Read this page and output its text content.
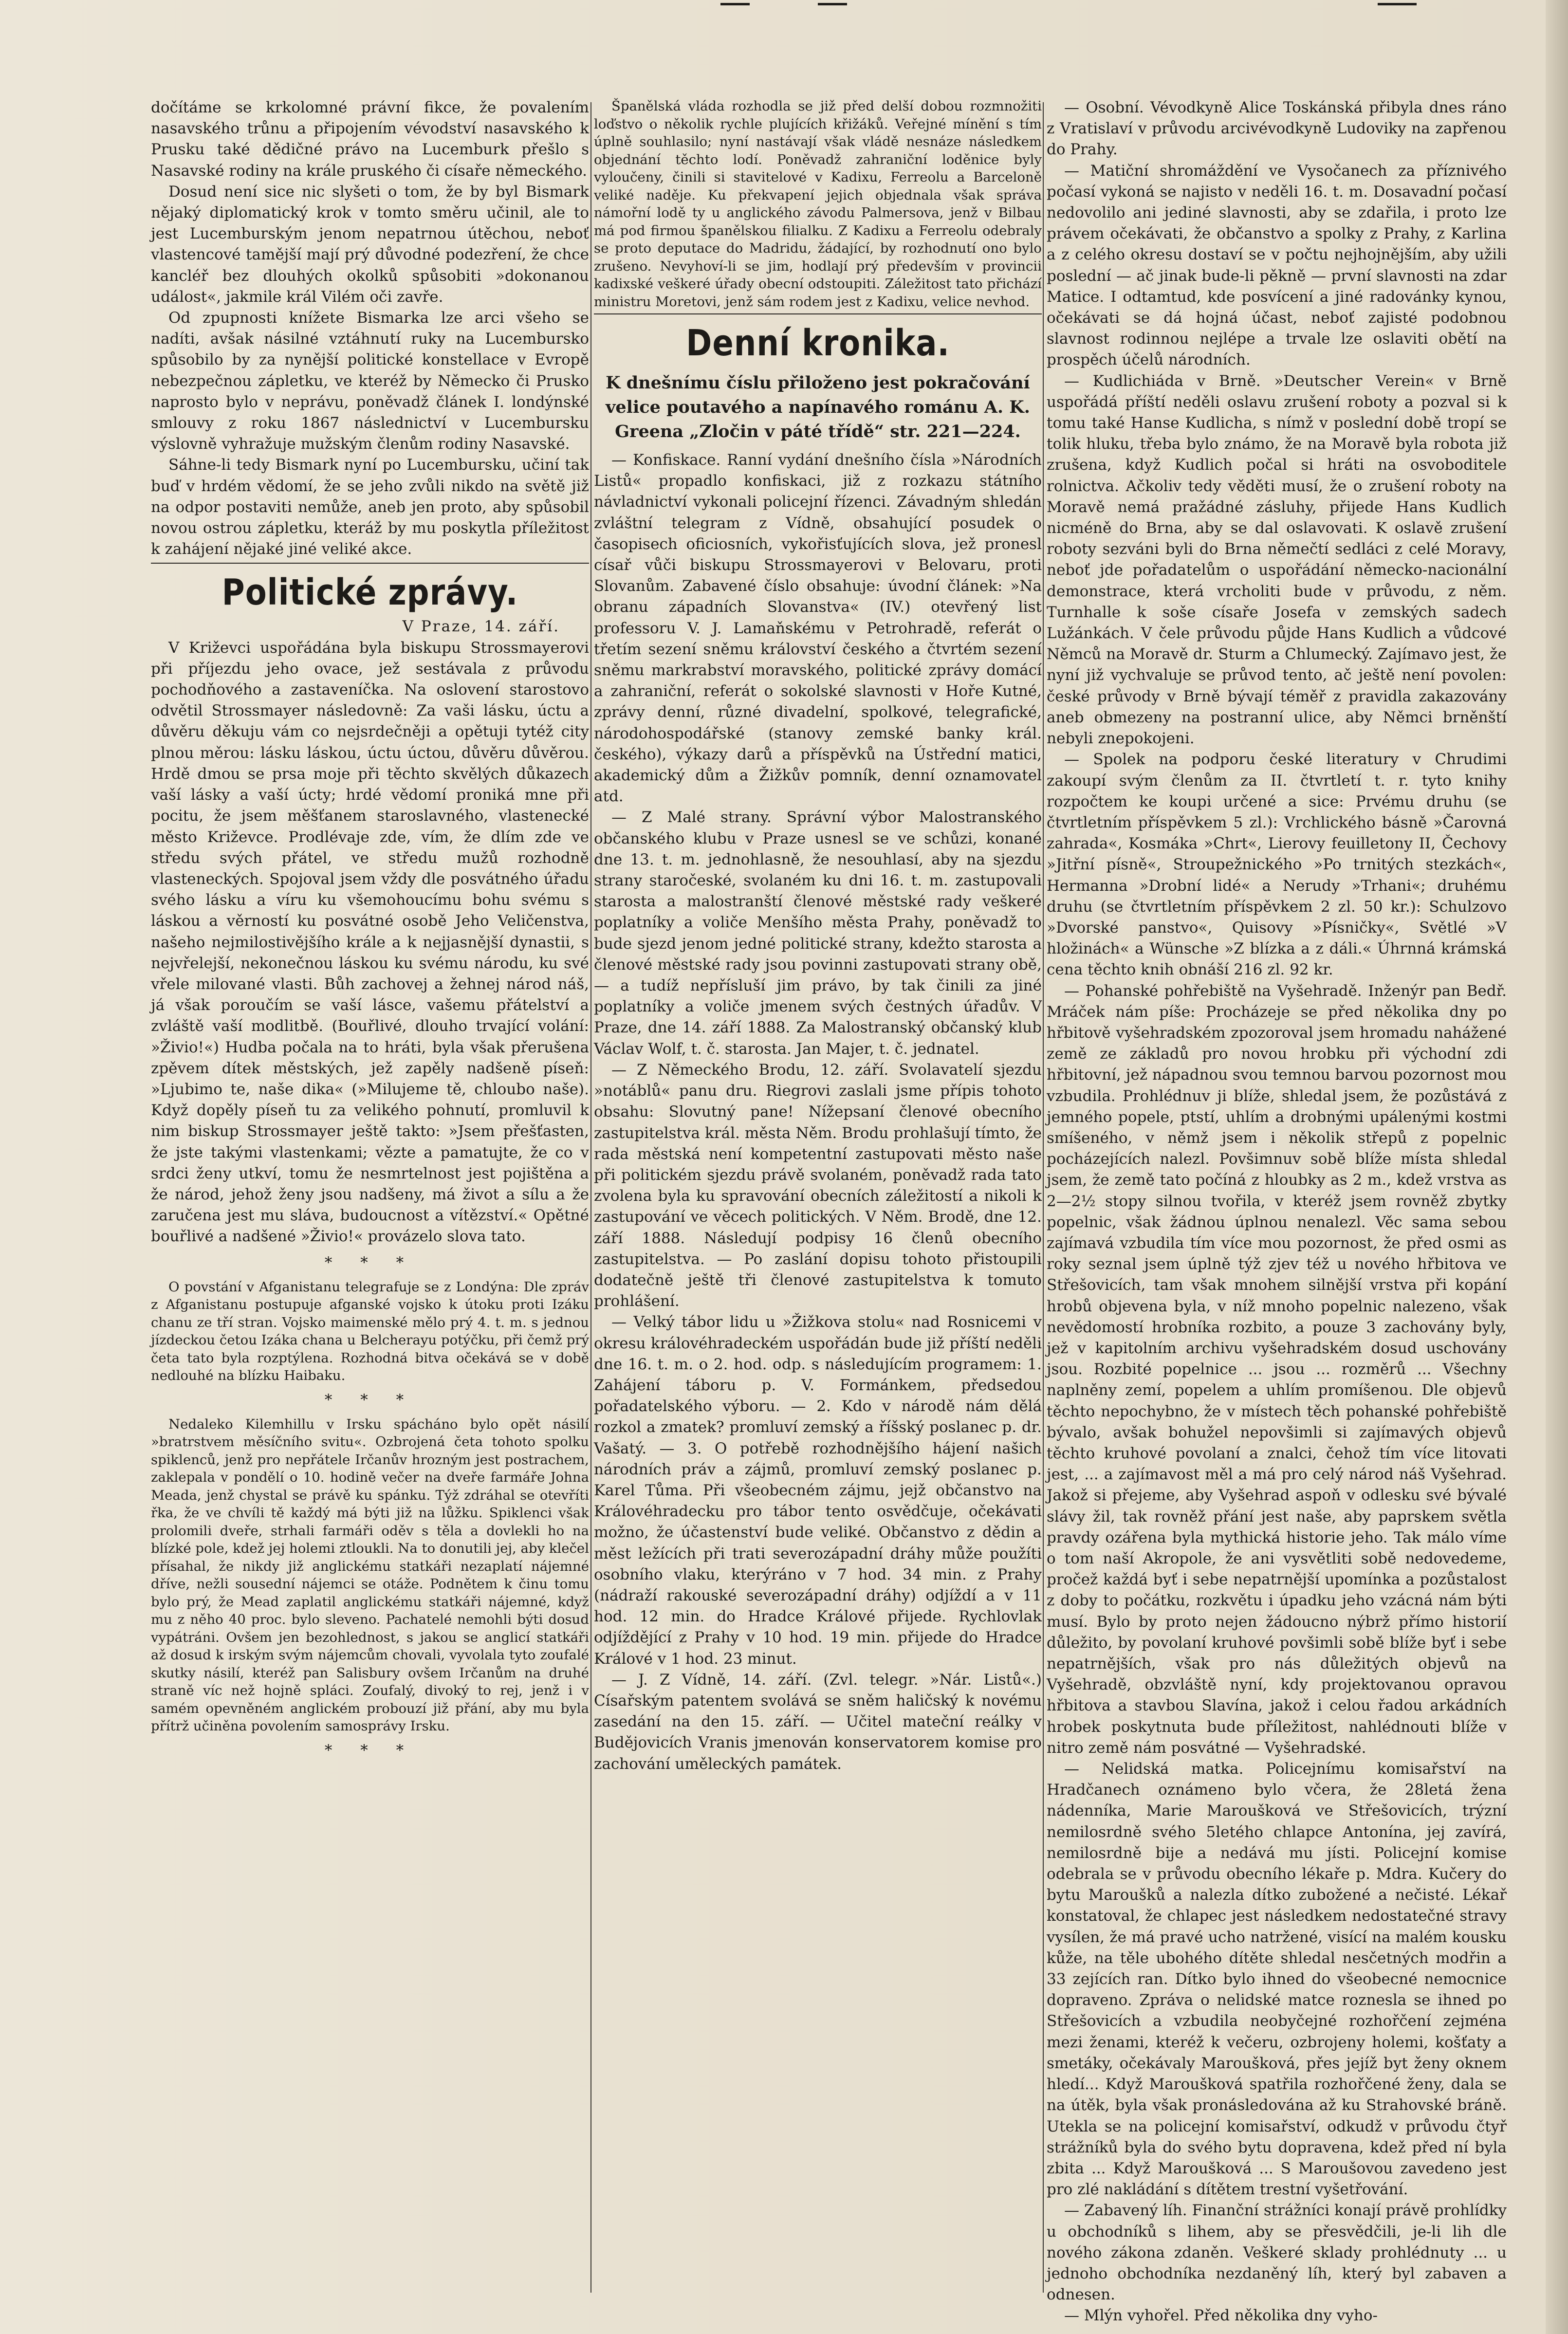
dočítáme se krkolomné právní fikce, že povalením nasavského trůnu a připojením vévodství nasavského k Prusku také dědičné právo na Lucemburk přešlo s Nasavské rodiny na krále pruského či císaře německého.

Dosud není sice nic slyšeti o tom, že by byl Bismark nějaký diplomatický krok v tomto směru učinil, ale to jest Lucemburským jenom nepatrnou útěchou, neboť vlastencové tamější mají prý důvodné podezření, že chce kancléř bez dlouhých okolků spůsobiti »dokonanou událost«, jakmile král Vilém oči zavře.

Od zpupnosti knížete Bismarka lze arci všeho se nadíti, avšak násilné vztáhnutí ruky na Lucembursko spůsobilo by za nynější politické konstellace v Evropě nebezpečnou zápletku, ve kteréž by Německo či Prusko naprosto bylo v neprávu, poněvadž článek I. londýnské smlouvy z roku 1867 následnictví v Lucembursku výslovně vyhražuje mužským členům rodiny Nasavské.

Sáhne-li tedy Bismark nyní po Lucembursku, učiní tak buď v hrdém vědomí, že se jeho zvůli nikdo na světě již na odpor postaviti nemůže, aneb jen proto, aby spůsobil novou ostrou zápletku, kteráž by mu poskytla příležitost k zahájení nějaké jiné veliké akce.

Politické zprávy.
V Praze, 14. září.

V Križevci uspořádána byla biskupu Strossmayerovi při příjezdu jeho ovace, jež sestávala z průvodu pochodňového a zastaveníčka. Na oslovení starostovo odvětil Strossmayer následovně: Za vaši lásku, úctu a důvěru děkuju vám co nejsrdečněji a opětuji tytéž city plnou měrou: lásku láskou, úctu úctou, důvěru důvěrou. Hrdě dmou se prsa moje při těchto skvělých důkazech vaší lásky a vaší úcty; hrdé vědomí proniká mne při pocitu, že jsem měšťanem staroslavného, vlastenecké město Križevce. Prodlévaje zde, vím, že dlím zde ve středu svých přátel, ve středu mužů rozhodně vlasteneckých. Spojoval jsem vždy dle posvátného úřadu svého lásku a víru ku všemohoucímu bohu svému s láskou a věrností ku posvátné osobě Jeho Veličenstva, našeho nejmilostivějšího krále a k nejjasnější dynastii, s nejvřelejší, nekonečnou láskou ku svému národu, ku své vřele milované vlasti. Bůh zachovej a žehnej národ náš, já však poroučím se vaší lásce, vašemu přátelství a zvláště vaší modlitbě. (Bouřlivé, dlouho trvající volání: »Živio!«) Hudba počala na to hráti, byla však přerušena zpěvem dítek městských, jež zapěly nadšeně píseň: »Ljubimo te, naše dika« (»Milujeme tě, chloubo naše). Když dopěly píseň tu za velikého pohnutí, promluvil k nim biskup Strossmayer ještě takto: »Jsem přešťasten, že jste takými vlastenkami; vězte a pamatujte, že co v srdci ženy utkví, tomu že nesmrtelnost jest pojištěna a že národ, jehož ženy jsou nadšeny, má život a sílu a že zaručena jest mu sláva, budoucnost a vítězství.« Opětné bouřlivé a nadšené »Živio!« provázelo slova tato.

* * *

O povstání v Afganistanu telegrafuje se z Londýna: Dle zpráv z Afganistanu postupuje afganské vojsko k útoku proti Izáku chanu ze tří stran. Vojsko maimenské mělo prý 4. t. m. s jednou jízdeckou četou Izáka chana u Belcherayu potýčku, při čemž prý četa tato byla rozptýlena. Rozhodná bitva očekává se v době nedlouhé na blízku Haibaku.

* * *

Nedaleko Kilemhillu v Irsku spácháno bylo opět násilí »bratrstvem měsíčního svitu«. Ozbrojená četa tohoto spolku spiklenců, jenž pro nepřátele Irčanův hrozným jest postrachem, zaklepala v pondělí o 10. hodině večer na dveře farmáře Johna Meada, jenž chystal se právě ku spánku. Týž zdráhal se otevříti řka, že ve chvíli tě každý má býti již na lůžku. Spiklenci však prolomili dveře, strhali farmáři oděv s těla a dovlekli ho na blízké pole, kdež jej holemi ztloukli. Na to donutili jej, aby klečel přísahal, že nikdy již anglickému statkáři nezaplatí nájemné dříve, nežli sousední nájemci se otáže. Podnětem k činu tomu bylo prý, že Mead zaplatil anglickému statkáři nájemné, když mu z něho 40 proc. bylo sleveno. Pachatelé nemohli býti dosud vypátráni. Ovšem jen bezohlednost, s jakou se anglicí statkáři až dosud k irským svým nájemcům chovali, vyvolala tyto zoufalé skutky násilí, kteréž pan Salisbury ovšem Irčanům na druhé straně víc než hojně spláci. Zoufalý, divoký to rej, jenž i v samém opevněném anglickém probouzí již přání, aby mu byla přítrž učiněna povolením samosprávy Irsku.

* * *

Španělská vláda rozhodla se již před delší dobou rozmnožiti loďstvo o několik rychle plujících křižáků. Veřejné mínění s tím úplně souhlasilo; nyní nastávají však vládě nesnáze následkem objednání těchto lodí. Poněvadž zahraniční loděnice byly vyloučeny, činili si stavitelové v Kadixu, Ferreolu a Barceloně veliké naděje. Ku překvapení jejich objednala však správa námořní lodě ty u anglického závodu Palmersova, jenž v Bilbau má pod firmou španělskou filialku. Z Kadixu a Ferreolu odebraly se proto deputace do Madridu, žádající, by rozhodnutí ono bylo zrušeno. Nevyhoví-li se jim, hodlají prý především v provincii kadixské veškeré úřady obecní odstoupiti. Záležitost tato přichází ministru Moretovi, jenž sám rodem jest z Kadixu, velice nevhod.

Denní kronika.
K dnešnímu číslu přiloženo jest pokračování velice poutavého a napínavého románu A. K. Greena „Zločin v páté třídě“ str. 221—224.

— Konfiskace. Ranní vydání dnešního čísla »Národních Listů« propadlo konfiskaci, již z rozkazu státního návladnictví vykonali policejní řízenci. Závadným shledán zvláštní telegram z Vídně, obsahující posudek o časopisech oficiosních, vykořisťujících slova, jež pronesl císař vůči biskupu Strossmayerovi v Belovaru, proti Slovanům. Zabavené číslo obsahuje: úvodní článek: »Na obranu západních Slovanstva« (IV.) otevřený list professoru V. J. Lamaňskému v Petrohradě, referát o třetím sezení sněmu království českého a čtvrtém sezení sněmu markrabství moravského, politické zprávy domácí a zahraniční, referát o sokolské slavnosti v Hoře Kutné, zprávy denní, různé divadelní, spolkové, telegrafické, národohospodářské (stanovy zemské banky král. českého), výkazy darů a příspěvků na Ústřední matici, akademický dům a Žižkův pomník, denní oznamovatel atd.

— Z Malé strany. Správní výbor Malostranského občanského klubu v Praze usnesl se ve schůzi, konané dne 13. t. m. jednohlasně, že nesouhlasí, aby na sjezdu strany staročeské, svolaném ku dni 16. t. m. zastupovali starosta a malostranští členové městské rady veškeré poplatníky a voliče Menšího města Prahy, poněvadž to bude sjezd jenom jedné politické strany, kdežto starosta a členové městské rady jsou povinni zastupovati strany obě, — a tudíž nepřísluší jim právo, by tak činili za jiné poplatníky a voliče jmenem svých čestných úřadův. V Praze, dne 14. září 1888. Za Malostranský občanský klub Václav Wolf, t. č. starosta. Jan Majer, t. č. jednatel.

— Z Německého Brodu, 12. září. Svolavatelí sjezdu »notáblů« panu dru. Riegrovi zaslali jsme přípis tohoto obsahu: Slovutný pane! Nížepsaní členové obecního zastupitelstva král. města Něm. Brodu prohlašují tímto, že rada městská není kompetentní zastupovati město naše při politickém sjezdu právě svolaném, poněvadž rada tato zvolena byla ku spravování obecních záležitostí a nikoli k zastupování ve věcech politických. V Něm. Brodě, dne 12. září 1888. Následují podpisy 16 členů obecního zastupitelstva. — Po zaslání dopisu tohoto přistoupili dodatečně ještě tři členové zastupitelstva k tomuto prohlášení.

— Velký tábor lidu u »Žižkova stolu« nad Rosnicemi v okresu královéhradeckém uspořádán bude již příští neděli dne 16. t. m. o 2. hod. odp. s následujícím programem: 1. Zahájení táboru p. V. Formánkem, předsedou pořadatelského výboru. — 2. Kdo v národě nám dělá rozkol a zmatek? promluví zemský a říšský poslanec p. dr. Vašatý. — 3. O potřebě rozhodnějšího hájení našich národních práv a zájmů, promluví zemský poslanec p. Karel Tůma. Při všeobecném zájmu, jejž občanstvo na Královéhradecku pro tábor tento osvědčuje, očekávati možno, že účastenství bude veliké. Občanstvo z dědin a měst ležících při trati severozápadní dráhy může použíti osobního vlaku, kterýráno v 7 hod. 34 min. z Prahy (nádraží rakouské severozápadní dráhy) odjíždí a v 11 hod. 12 min. do Hradce Králové přijede. Rychlovlak odjíždějící z Prahy v 10 hod. 19 min. přijede do Hradce Králové v 1 hod. 23 minut.

— J. Z Vídně, 14. září. (Zvl. telegr. »Nár. Listů«.) Císařským patentem svolává se sněm haličský k novému zasedání na den 15. září. — Učitel mateční reálky v Budějovicích Vranis jmenován konservatorem komise pro zachování uměleckých památek.

— Osobní. Vévodkyně Alice Toskánská přibyla dnes ráno z Vratislaví v průvodu arcivévodkyně Ludoviky na zapřenou do Prahy.

— Matiční shromáždění ve Vysočanech za příznivého počasí vykoná se najisto v neděli 16. t. m. Dosavadní počasí nedovolilo ani jediné slavnosti, aby se zdařila, i proto lze právem očekávati, že občanstvo a spolky z Prahy, z Karlina a z celého okresu dostaví se v počtu nejhojnějším, aby užili poslední — ač jinak bude-li pěkně — první slavnosti na zdar Matice. I odtamtud, kde posvícení a jiné radovánky kynou, očekávati se dá hojná účast, neboť zajisté podobnou slavnost rodinnou nejlépe a trvale lze oslaviti obětí na prospěch účelů národních.

— Kudlichiáda v Brně. »Deutscher Verein« v Brně uspořádá příští neděli oslavu zrušení roboty a pozval si k tomu také Hanse Kudlicha, s nímž v poslední době tropí se tolik hluku, třeba bylo známo, že na Moravě byla robota již zrušena, když Kudlich počal si hráti na osvoboditele rolnictva. Ačkoliv tedy věděti musí, že o zrušení roboty na Moravě nemá pražádné zásluhy, přijede Hans Kudlich nicméně do Brna, aby se dal oslavovati. K oslavě zrušení roboty sezváni byli do Brna němečtí sedláci z celé Moravy, neboť jde pořadatelům o uspořádání německo-nacionální demonstrace, která vrcholiti bude v průvodu, z něm. Turnhalle k soše císaře Josefa v zemských sadech Lužánkách. V čele průvodu půjde Hans Kudlich a vůdcové Němců na Moravě dr. Sturm a Chlumecký. Zajímavo jest, že nyní již vychvaluje se průvod tento, ač ještě není povolen: české průvody v Brně bývají téměř z pravidla zakazovány aneb obmezeny na postranní ulice, aby Němci brněnští nebyli znepokojeni.

— Spolek na podporu české literatury v Chrudimi zakoupí svým členům za II. čtvrtletí t. r. tyto knihy rozpočtem ke koupi určené a sice: Prvému druhu (se čtvrtletním příspěvkem 5 zl.): Vrchlického básně »Čarovná zahrada«, Kosmáka »Chrt«, Lierovy feuilletony II, Čechovy »Jitřní písně«, Stroupežnického »Po trnitých stezkách«, Hermanna »Drobní lidé« a Nerudy »Trhani«; druhému druhu (se čtvrtletním příspěvkem 2 zl. 50 kr.): Schulzovo »Dvorské panstvo«, Quisovy »Písničky«, Světlé »V hložinách« a Wünsche »Z blízka a z dáli.« Úhrnná krámská cena těchto knih obnáší 216 zl. 92 kr.

— Pohanské pohřebiště na Vyšehradě. Inženýr pan Bedř. Mráček nám píše: Procházeje se před několika dny po hřbitově vyšehradském zpozoroval jsem hromadu nahážené země ze základů pro novou hrobku při východní zdi hřbitovní, jež nápadnou svou temnou barvou pozornost mou vzbudila. Prohlédnuv ji blíže, shledal jsem, že pozůstává z jemného popele, ptstí, uhlím a drobnými upálenými kostmi smíšeného, v němž jsem i několik střepů z popelnic pocházejících nalezl. Povšimnuv sobě blíže místa shledal jsem, že země tato počíná z hloubky as 2 m., kdež vrstva as 2—2½ stopy silnou tvořila, v kteréž jsem rovněž zbytky popelnic, však žádnou úplnou nenalezl. Věc sama sebou zajímavá vzbudila tím více mou pozornost, že před osmi as roky seznal jsem úplně týž zjev též u nového hřbitova ve Střešovicích, tam však mnohem silnější vrstva při kopání hrobů objevena byla, v níž mnoho popelnic nalezeno, však nevědomostí hrobníka rozbito, a pouze 3 zachovány byly, jež v kapitolním archivu vyšehradském dosud uschovány jsou. Rozbité popelnice ... jsou ... rozměrů ... Všechny naplněny zemí, popelem a uhlím promíšenou. Dle objevů těchto nepochybno, že v místech těch pohanské pohřebiště bývalo, avšak bohužel nepovšimli si zajímavých objevů těchto kruhové povolaní a znalci, čehož tím více litovati jest, ... a zajímavost měl a má pro celý národ náš Vyšehrad. Jakož si přejeme, aby Vyšehrad aspoň v odlesku své bývalé slávy žil, tak rovněž přání jest naše, aby paprskem světla pravdy ozářena byla mythická historie jeho. Tak málo víme o tom naší Akropole, že ani vysvětliti sobě nedovedeme, pročež každá byť i sebe nepatrnější upomínka a pozůstalost z doby to počátku, rozkvětu i úpadku jeho vzácná nám býti musí. Bylo by proto nejen žádoucno nýbrž přímo historií důležito, by povolaní kruhové povšimli sobě blíže byť i sebe nepatrnějších, však pro nás důležitých objevů na Vyšehradě, obzvláště nyní, kdy projektovanou opravou hřbitova a stavbou Slavína, jakož i celou řadou arkádních hrobek poskytnuta bude příležitost, nahlédnouti blíže v nitro země nám posvátné — Vyšehradské.

— Nelidská matka. Policejnímu komisařství na Hradčanech oznámeno bylo včera, že 28letá žena nádenníka, Marie Maroušková ve Střešovicích, trýzní nemilosrdně svého 5letého chlapce Antonína, jej zavírá, nemilosrdně bije a nedává mu jísti. Policejní komise odebrala se v průvodu obecního lékaře p. Mdra. Kučery do bytu Maroušků a nalezla dítko zubožené a nečisté. Lékař konstatoval, že chlapec jest následkem nedostatečné stravy vysílen, že má pravé ucho natržené, visící na malém kousku kůže, na těle ubohého dítěte shledal nesčetných modřin a 33 zejících ran. Dítko bylo ihned do všeobecné nemocnice dopraveno. Zpráva o nelidské matce roznesla se ihned po Střešovicích a vzbudila neobyčejné rozhořčení zejména mezi ženami, kteréž k večeru, ozbrojeny holemi, košťaty a smetáky, očekávaly Maroušková, přes jejíž byt ženy oknem hledí... Když Maroušková spatřila rozhořčené ženy, dala se na útěk, byla však pronásledována až ku Strahovské bráně. Utekla se na policejní komisařství, odkudž v průvodu čtyř strážníků byla do svého bytu dopravena, kdež před ní byla zbita ... Když Maroušková ... S Maroušovou zavedeno jest pro zlé nakládání s dítětem trestní vyšetřování.

— Zabavený líh. Finanční strážníci konají právě prohlídky u obchodníků s lihem, aby se přesvědčili, je-li lih dle nového zákona zdaněn. Veškeré sklady prohlédnuty ... u jednoho obchodníka nezdaněný líh, který byl zabaven a odnesen.

— Mlýn vyhořel. Před několika dny vyho-
